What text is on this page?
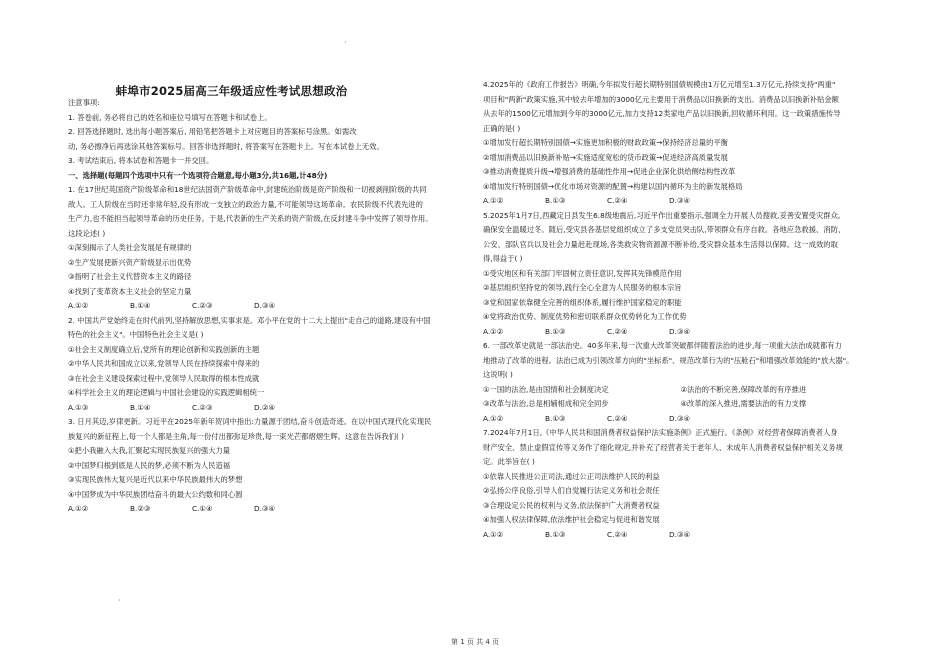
·
·
蚌埠市2025届高三年级适应性考试思想政治

注意事项:

1. 答卷前, 务必将自己的姓名和座位号填写在答题卡和试卷上。

2. 回答选择题时, 选出每小题答案后, 用铅笔把答题卡上对应题目的答案标号涂黑。如需改

动, 务必擦净后再选涂其他答案标号。回答非选择题时, 将答案写在答题卡上。写在本试卷上无效。

3. 考试结束后, 将本试卷和答题卡一并交回。

一、选择题(每题四个选项中只有一个选项符合题意,每小题3分,共16题,计48分)

1. 在17世纪英国资产阶级革命和18世纪法国资产阶级革命中,封建统治阶级是资产阶级和一切被剥削阶级的共同

敌人。工人阶级在当时还非常年轻,没有形成一支独立的政治力量,不可能领导这场革命。农民阶级不代表先进的

生产力,也不能担当起领导革命的历史任务。于是,代表新的生产关系的资产阶级,在反封建斗争中发挥了领导作用。

这段论述( )

①深刻揭示了人类社会发展是有规律的

②生产发展使新兴资产阶级显示出优势

③指明了社会主义代替资本主义的路径

④找到了变革资本主义社会的坚定力量

A.①②	B.①④	C.②③	D.③④

2. 中国共产党始终走在时代前列,坚持解放思想,实事求是。邓小平在党的十二大上提出"走自己的道路,建设有中国

特色的社会主义"。中国特色社会主义是( )

①社会主义制度确立后,党所有的理论创新和实践创新的主题

②中华人民共和国成立以来,党领导人民在持续探索中得来的

③在社会主义建设探索过程中,党领导人民取得的根本性成就

④科学社会主义的理论逻辑与中国社会建设的实践逻辑相统一

A.①③	B.①④	C.②③	D.②④

3. 日月其迈,岁律更新。习近平在2025年新年贺词中指出:力量源于团结,奋斗创造奇迹。在以中国式现代化实现民

族复兴的新征程上,每一个人都是主角,每一份付出都弥足珍贵,每一束光芒都熠熠生辉。这意在告诉我们( )

①把小我融入大我,汇聚起实现民族复兴的强大力量

②中国梦归根到底是人民的梦,必须不断为人民造福

③实现民族伟大复兴是近代以来中华民族最伟大的梦想

④中国梦成为中华民族团结奋斗的最大公约数和同心圆

A.①②	B.②③	C.①④	D.③④

4.2025年的《政府工作报告》明确,今年拟发行超长期特别国债规模由1万亿元增至1.3万亿元,持续支持"两重"

项目和"两新"政策实施,其中较去年增加的3000亿元主要用于消费品以旧换新的支出。消费品以旧换新补贴金额

从去年的1500亿元增加到今年的3000亿元,加力支持12类家电产品以旧换新,回收循环利用。这一政策措施传导

正确的是( )

①增加发行超长期特别国债→实施更加积极的财政政策→保持经济总量的平衡

②增加消费品以旧换新补贴→实施适度宽松的货币政策→促进经济高质量发展

③推动消费提质升级→增强消费的基础性作用→促进企业深化供给侧结构性改革

④增加发行特别国债→优化市场对资源的配置→构建以国内循环为主的新发展格局

A.①②	B.①③	C.②④	D.③④

5.2025年1月7日,西藏定日县发生6.8级地震后,习近平作出重要指示,强调全力开展人员搜救,妥善安置受灾群众,

确保安全温暖过冬。随后,受灾县各基层党组织成立了多支党员突击队,带领群众有序自救。各地应急救援、消防、

公安、部队官兵以及社会力量赶赴现场,各类救灾物资源源不断补给,受灾群众基本生活得以保障。这一成效的取

得,得益于( )

①受灾地区和有关部门牢固树立责任意识,发挥其先锋模范作用

②基层组织坚持党的领导,践行全心全意为人民服务的根本宗旨

③党和国家依靠健全完善的组织体系,履行维护国家稳定的职能

④党将政治优势、制度优势和密切联系群众优势转化为工作优势

A.①②	B.①③	C.②④	D.③④

6. 一部改革史就是一部法治史。40多年来,每一次重大改革突破都伴随着法治的进步,每一项重大法治成就都有力

地推动了改革的进程。法治已成为引领改革方向的"坐标系"、规范改革行为的"压舱石"和增强改革效能的"放大器"。

这说明( )

①一国的法治,是由国情和社会制度决定	②法治的不断完善,保障改革的有序推进

③改革与法治,总是相辅相成和完全同步	④改革的深入推进,需要法治的有力支撑

A.①②	B.①③	C.②④	D.③④

7.2024年7月1日,《中华人民共和国消费者权益保护法实施条例》正式施行。《条例》对经营者保障消费者人身

财产安全、禁止虚假宣传等义务作了细化规定,并补充了经营者关于老年人、未成年人消费者权益保护相关义务规

定。此举旨在( )

①依靠人民推进公正司法,通过公正司法维护人民的利益

②弘扬公序良俗,引导人们自觉履行法定义务和社会责任

③合理设定公民的权利与义务,依法保护广大消费者权益

④加强人权法律保障,依法维护社会稳定与促进和谐发展

A.①②	B.①③	C.②④	D.③④

第 1 页 共 4 页
